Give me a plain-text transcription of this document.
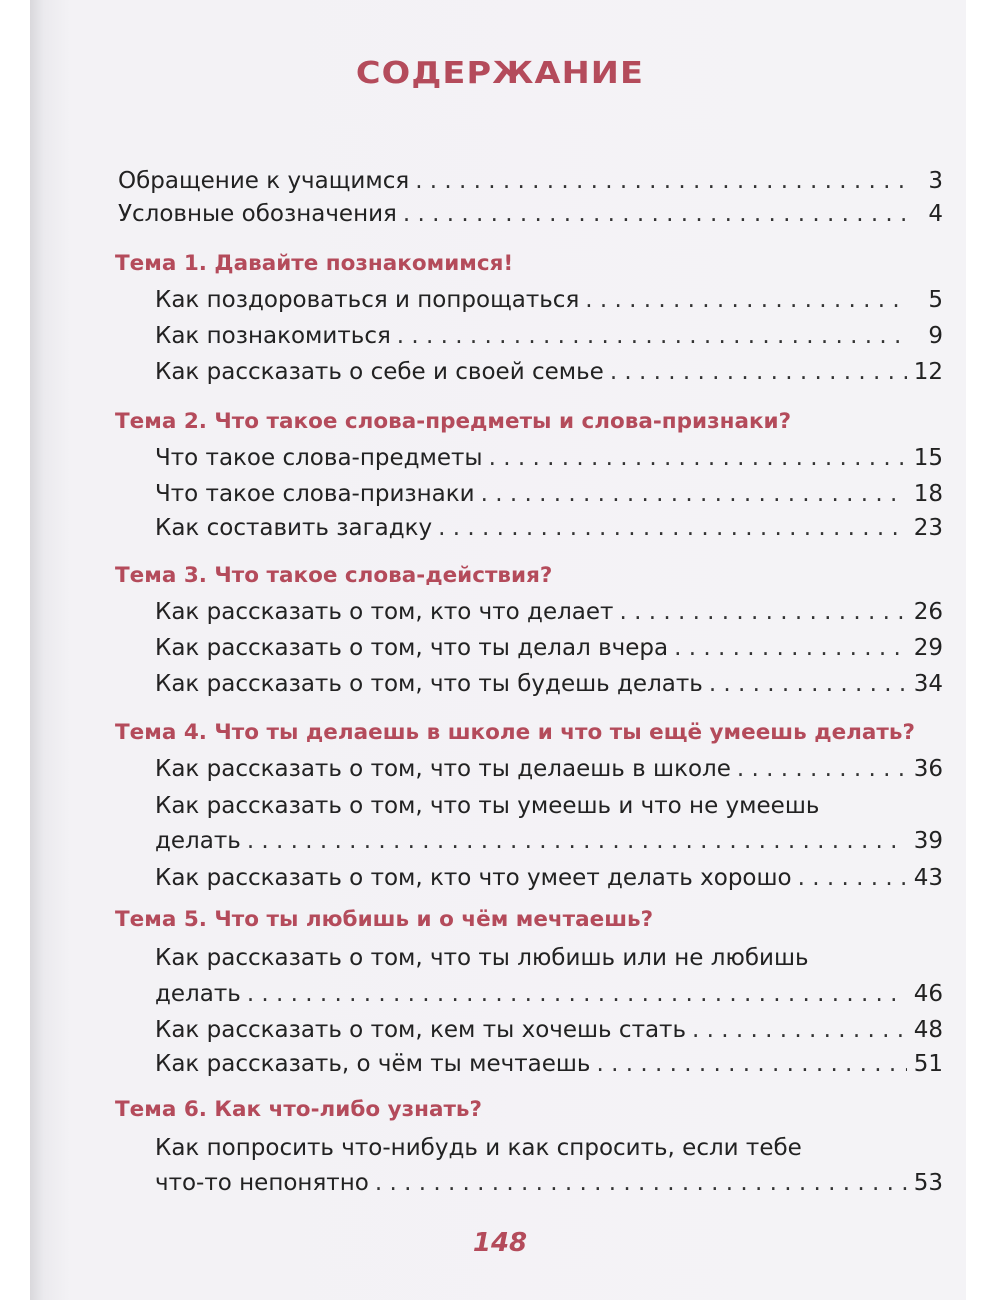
СОДЕРЖАНИЕ
Обращение к учащимся . . .	3
Условные обозначения . . .	4
Тема 1. Давайте познакомимся!
Как поздороваться и попрощаться . . .	5
Как познакомиться . . .	9
Как рассказать о себе и своей семье . . .	12
Тема 2. Что такое слова-предметы и слова-признаки?
Что такое слова-предметы . . .	15
Что такое слова-признаки . . .	18
Как составить загадку . . .	23
Тема 3. Что такое слова-действия?
Как рассказать о том, кто что делает . . .	26
Как рассказать о том, что ты делал вчера . . .	29
Как рассказать о том, что ты будешь делать . . .	34
Тема 4. Что ты делаешь в школе и что ты ещё умеешь делать?
Как рассказать о том, что ты делаешь в школе . . .	36
Как рассказать о том, что ты умеешь и что не умеешь
делать . . .	39
Как рассказать о том, кто что умеет делать хорошо . . .	43
Тема 5. Что ты любишь и о чём мечтаешь?
Как рассказать о том, что ты любишь или не любишь
делать . . .	46
Как рассказать о том, кем ты хочешь стать . . .	48
Как рассказать, о чём ты мечтаешь . . .	51
Тема 6. Как что-либо узнать?
Как попросить что-нибудь и как спросить, если тебе
что-то непонятно . . .	53
148
